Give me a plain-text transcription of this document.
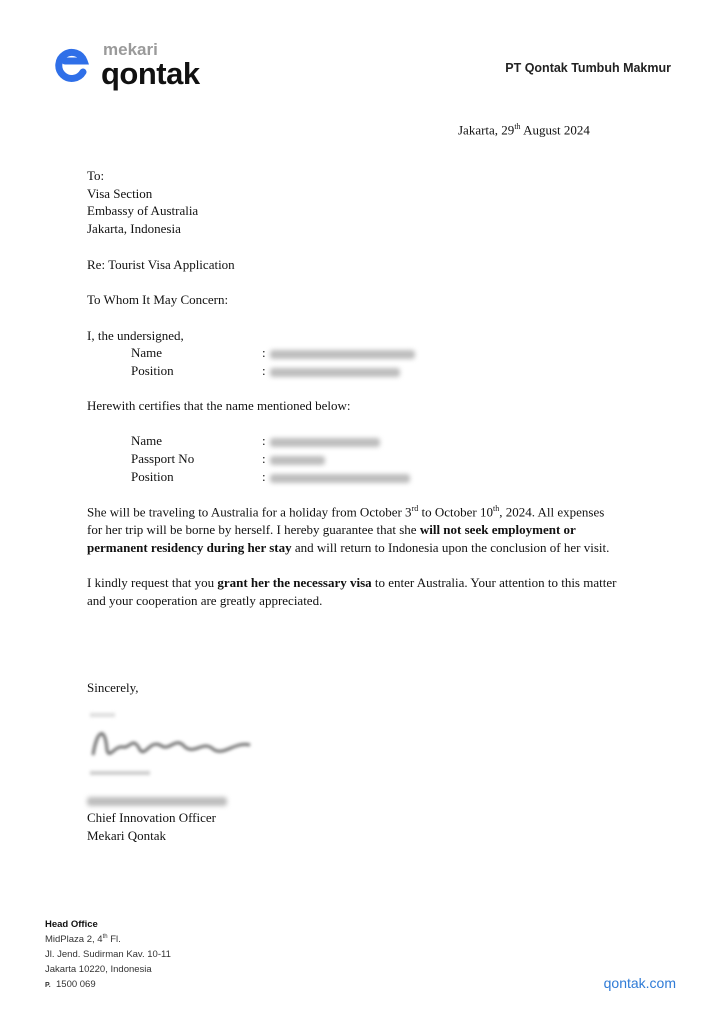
mekari
qontak	PT Qontak Tumbuh Makmur
Jakarta, 29th August 2024
To:
Visa Section
Embassy of Australia
Jakarta, Indonesia
Re: Tourist Visa Application
To Whom It May Concern:
I, the undersigned,
Name	:
Position	:
Herewith certifies that the name mentioned below:
Name	:
Passport No	:
Position	:
She will be traveling to Australia for a holiday from October 3rd to October 10th, 2024. All expenses
for her trip will be borne by herself. I hereby guarantee that she will not seek employment or
permanent residency during her stay and will return to Indonesia upon the conclusion of her visit.
I kindly request that you grant her the necessary visa to enter Australia. Your attention to this matter
and your cooperation are greatly appreciated.
Sincerely,
Chief Innovation Officer
Mekari Qontak
Head Office
MidPlaza 2, 4th Fl.
Jl. Jend. Sudirman Kav. 10-11
Jakarta 10220, Indonesia
P. 1500 069	qontak.com
